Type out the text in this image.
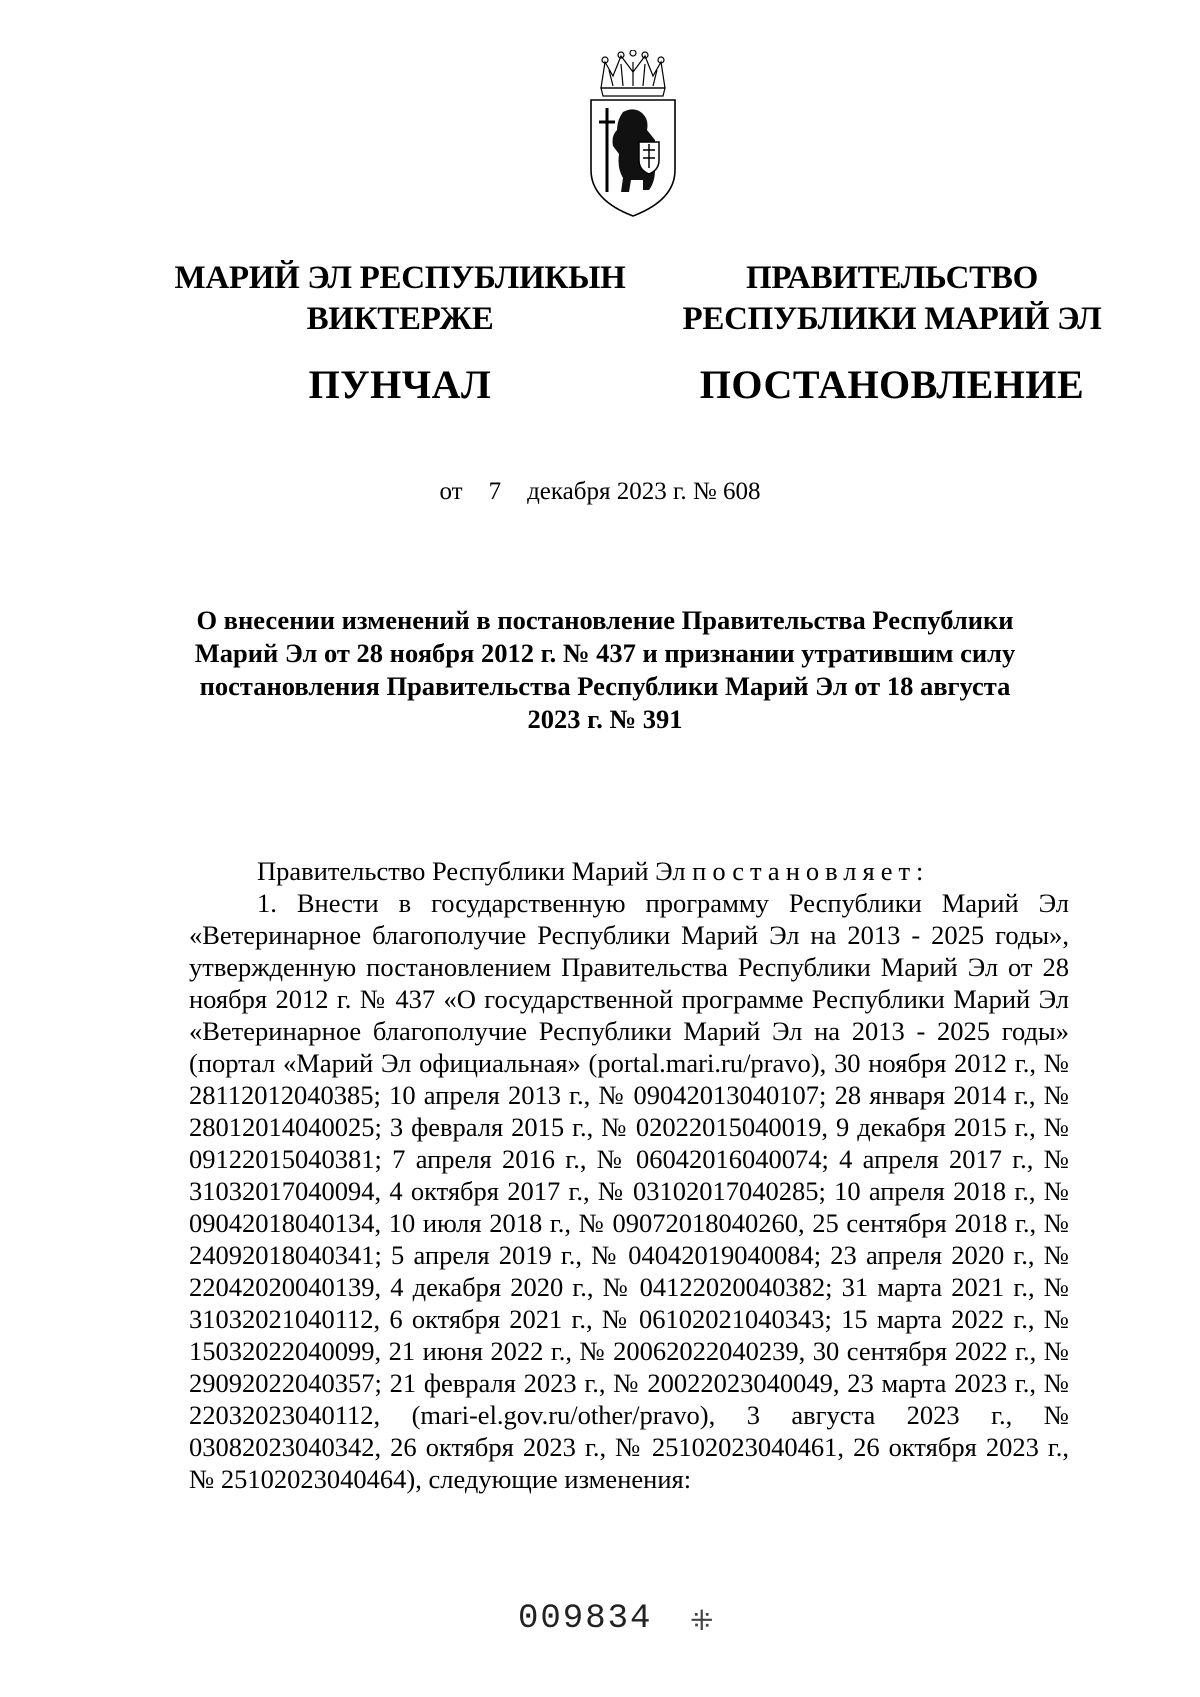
МАРИЙ ЭЛ РЕСПУБЛИКЫН
ВИКТЕРЖЕ
ПУНЧАЛ
ПРАВИТЕЛЬСТВО
РЕСПУБЛИКИ МАРИЙ ЭЛ
ПОСТАНОВЛЕНИЕ
от 7 декабря 2023 г. № 608
О внесении изменений в постановление Правительства Республики Марий Эл от 28 ноября 2012 г. № 437 и признании утратившим силу постановления Правительства Республики Марий Эл от 18 августа 2023 г. № 391

Правительство Республики Марий Эл постановляет:

1. Внести в государственную программу Республики Марий Эл «Ветеринарное благополучие Республики Марий Эл на 2013 - 2025 годы», утвержденную постановлением Правительства Республики Марий Эл от 28 ноября 2012 г. № 437 «О государственной программе Республики Марий Эл «Ветеринарное благополучие Республики Марий Эл на 2013 - 2025 годы» (портал «Марий Эл официальная» (portal.mari.ru/pravo), 30 ноября 2012 г., № 28112012040385; 10 апреля 2013 г., № 09042013040107; 28 января 2014 г., № 28012014040025; 3 февраля 2015 г., № 02022015040019, 9 декабря 2015 г., № 09122015040381; 7 апреля 2016 г., № 06042016040074; 4 апреля 2017 г., № 31032017040094, 4 октября 2017 г., № 03102017040285; 10 апреля 2018 г., № 09042018040134, 10 июля 2018 г., № 09072018040260, 25 сентября 2018 г., № 24092018040341; 5 апреля 2019 г., № 04042019040084; 23 апреля 2020 г., № 22042020040139, 4 декабря 2020 г., № 04122020040382; 31 марта 2021 г., № 31032021040112, 6 октября 2021 г., № 06102021040343; 15 марта 2022 г., № 15032022040099, 21 июня 2022 г., № 20062022040239, 30 сентября 2022 г., № 29092022040357; 21 февраля 2023 г., № 20022023040049, 23 марта 2023 г., № 22032023040112, (mari-el.gov.ru/other/pravo), 3 августа 2023 г., № 03082023040342, 26 октября 2023 г., № 25102023040461, 26 октября 2023 г., № 25102023040464), следующие изменения:

009834 ⁜
